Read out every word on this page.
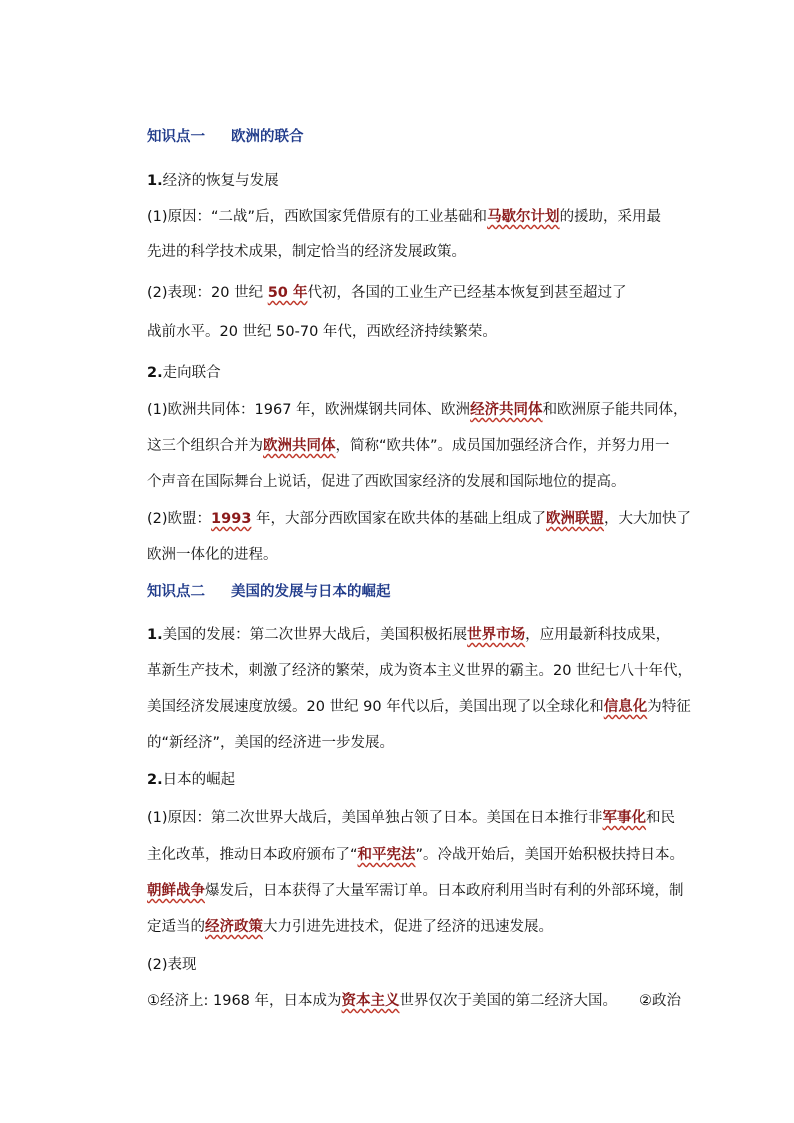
知识点一 欧洲的联合
1.经济的恢复与发展
(1)原因：“二战”后，西欧国家凭借原有的工业基础和马歇尔计划的援助，采用最
先进的科学技术成果，制定恰当的经济发展政策。
(2)表现：20 世纪 50 年代初，各国的工业生产已经基本恢复到甚至超过了
战前水平。20 世纪 50-70 年代，西欧经济持续繁荣。
2.走向联合
(1)欧洲共同体：1967 年，欧洲煤钢共同体、欧洲经济共同体和欧洲原子能共同体，
这三个组织合并为欧洲共同体，简称“欧共体”。成员国加强经济合作，并努力用一
个声音在国际舞台上说话，促进了西欧国家经济的发展和国际地位的提高。
(2)欧盟：1993 年，大部分西欧国家在欧共体的基础上组成了欧洲联盟，大大加快了
欧洲一体化的进程。
知识点二 美国的发展与日本的崛起
1.美国的发展：第二次世界大战后，美国积极拓展世界市场，应用最新科技成果，
革新生产技术，刺激了经济的繁荣，成为资本主义世界的霸主。20 世纪七八十年代，
美国经济发展速度放缓。20 世纪 90 年代以后，美国出现了以全球化和信息化为特征
的“新经济”，美国的经济进一步发展。
2.日本的崛起
(1)原因：第二次世界大战后，美国单独占领了日本。美国在日本推行非军事化和民
主化改革，推动日本政府颁布了“和平宪法”。冷战开始后，美国开始积极扶持日本。
朝鲜战争爆发后，日本获得了大量军需订单。日本政府利用当时有利的外部环境，制
定适当的经济政策大力引进先进技术，促进了经济的迅速发展。
(2)表现
①经济上: 1968 年，日本成为资本主义世界仅次于美国的第二经济大国。 ②政治
